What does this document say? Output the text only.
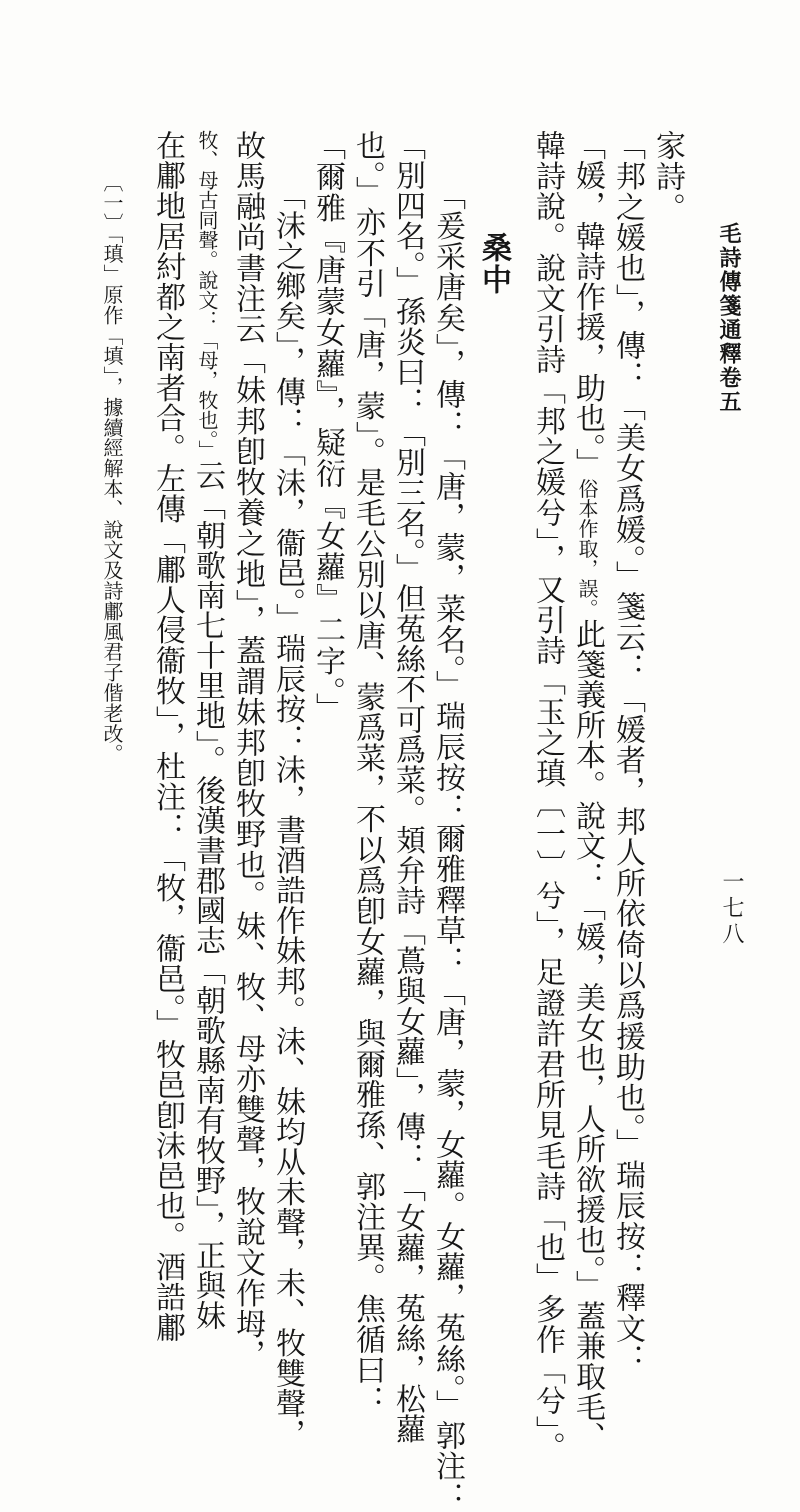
毛詩傳箋通釋卷五
一七八
家詩。
「邦之媛也」，傳：「美女爲媛。」箋云：「媛者，邦人所依倚以爲援助也。」瑞辰按：釋文：
「媛，韓詩作援，助也。」俗本作取，誤。此箋義所本。說文：「媛，美女也，人所欲援也。」蓋兼取毛、
韓詩說。說文引詩「邦之媛兮」，又引詩「玉之瑱〔一〕兮」，足證許君所見毛詩「也」多作「兮」。
桑中
「爰采唐矣」，傳：「唐，蒙，菜名。」瑞辰按：爾雅釋草：「唐，蒙，女蘿。女蘿，菟絲。」郭注：
「別四名。」孫炎曰：「別三名。」但菟絲不可爲菜。頍弁詩「蔦與女蘿」，傳：「女蘿，菟絲，松蘿
也。」亦不引「唐，蒙」。是毛公別以唐、蒙爲菜，不以爲卽女蘿，與爾雅孫、郭注異。焦循曰：
「爾雅『唐蒙女蘿』，疑衍『女蘿』二字。」
「沬之鄉矣」，傳：「沬，衞邑。」瑞辰按：沬，書酒誥作妹邦。沬、妹均从未聲，未、牧雙聲，
故馬融尚書注云「妹邦卽牧養之地」，蓋謂妹邦卽牧野也。妹、牧、母亦雙聲，牧說文作坶，
牧、母古同聲。說文：「母，牧也。」云「朝歌南七十里地」。後漢書郡國志「朝歌縣南有牧野」，正與妹
在鄘地居紂都之南者合。左傳「鄘人侵衞牧」，杜注：「牧，衞邑。」牧邑卽沬邑也。酒誥鄘
〔一〕「瑱」原作「填」，據續經解本、說文及詩鄘風君子偕老改。
